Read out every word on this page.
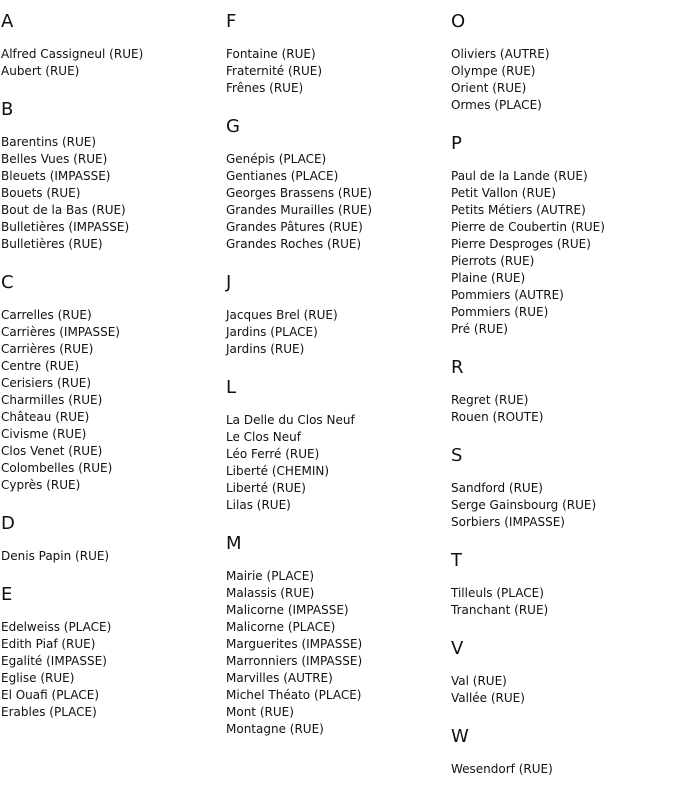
A
Alfred Cassigneul (RUE)
Aubert (RUE)
B
Barentins (RUE)
Belles Vues (RUE)
Bleuets (IMPASSE)
Bouets (RUE)
Bout de la Bas (RUE)
Bulletières (IMPASSE)
Bulletières (RUE)
C
Carrelles (RUE)
Carrières (IMPASSE)
Carrières (RUE)
Centre (RUE)
Cerisiers (RUE)
Charmilles (RUE)
Château (RUE)
Civisme (RUE)
Clos Venet (RUE)
Colombelles (RUE)
Cyprès (RUE)
D
Denis Papin (RUE)
E
Edelweiss (PLACE)
Edith Piaf (RUE)
Egalité (IMPASSE)
Eglise (RUE)
El Ouafi (PLACE)
Erables (PLACE)
F
Fontaine (RUE)
Fraternité (RUE)
Frênes (RUE)
G
Genépis (PLACE)
Gentianes (PLACE)
Georges Brassens (RUE)
Grandes Murailles (RUE)
Grandes Pâtures (RUE)
Grandes Roches (RUE)
J
Jacques Brel (RUE)
Jardins (PLACE)
Jardins (RUE)
L
La Delle du Clos Neuf
Le Clos Neuf
Léo Ferré (RUE)
Liberté (CHEMIN)
Liberté (RUE)
Lilas (RUE)
M
Mairie (PLACE)
Malassis (RUE)
Malicorne (IMPASSE)
Malicorne (PLACE)
Marguerites (IMPASSE)
Marronniers (IMPASSE)
Marvilles (AUTRE)
Michel Théato (PLACE)
Mont (RUE)
Montagne (RUE)
O
Oliviers (AUTRE)
Olympe (RUE)
Orient (RUE)
Ormes (PLACE)
P
Paul de la Lande (RUE)
Petit Vallon (RUE)
Petits Métiers (AUTRE)
Pierre de Coubertin (RUE)
Pierre Desproges (RUE)
Pierrots (RUE)
Plaine (RUE)
Pommiers (AUTRE)
Pommiers (RUE)
Pré (RUE)
R
Regret (RUE)
Rouen (ROUTE)
S
Sandford (RUE)
Serge Gainsbourg (RUE)
Sorbiers (IMPASSE)
T
Tilleuls (PLACE)
Tranchant (RUE)
V
Val (RUE)
Vallée (RUE)
W
Wesendorf (RUE)
